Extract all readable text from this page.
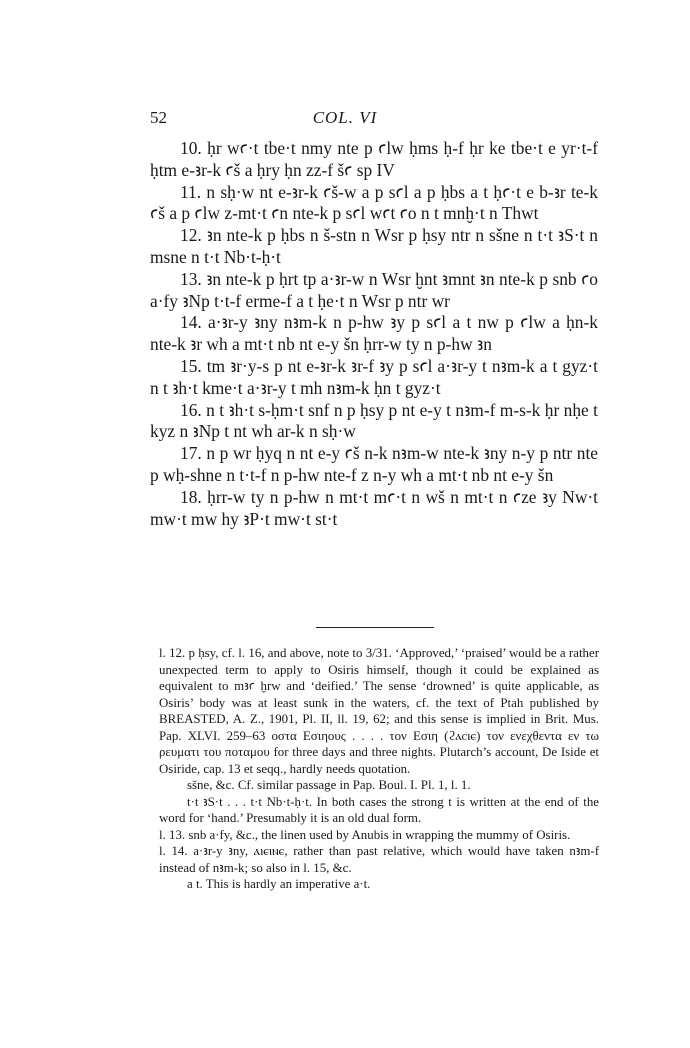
52	COL. VI

10. ḥr wꜥ·t tbe·t nmy nte p ꜥlw ḥms ḥ-f ḥr ke tbe·t e yr·t-f ḥtm e-ꜣr-k ꜥš a ḥry ḥn zz-f šꜥ sp IV

11. n sḥ·w nt e-ꜣr-k ꜥš-w a p sꜥl a p ḥbs a t ḥꜥ·t e b-ꜣr te-k ꜥš a p ꜥlw z-mt·t ꜥn nte-k p sꜥl wꜥt ꜥo n t mnḫ·t n Thwt

12. ꜣn nte-k p ḥbs n š-stn n Wsr p ḥsy ntr n sšne n t·t ꜣS·t n msne n t·t Nb·t-ḥ·t

13. ꜣn nte-k p ḥrt tp a·ꜣr-w n Wsr ḫnt ꜣmnt ꜣn nte-k p snb ꜥo a·fy ꜣNp t·t-f erme-f a t ḥe·t n Wsr p ntr wr

14. a·ꜣr-y ꜣny nꜣm-k n p-hw ꜣy p sꜥl a t nw p ꜥlw a ḥn-k nte-k ꜣr wh a mt·t nb nt e-y šn ḥrr-w ty n p-hw ꜣn

15. tm ꜣr·y-s p nt e-ꜣr-k ꜣr-f ꜣy p sꜥl a·ꜣr-y t nꜣm-k a t gyz·t n t ꜣh·t kme·t a·ꜣr-y t mh nꜣm-k ḥn t gyz·t

16. n t ꜣh·t s-ḥm·t snf n p ḥsy p nt e-y t nꜣm-f m-s-k ḥr nḥe t kyz n ꜣNp t nt wh ar-k n sḥ·w

17. n p wr ḥyq n nt e-y ꜥš n-k nꜣm-w nte-k ꜣny n-y p ntr nte p wḥ-shne n t·t-f n p-hw nte-f z n-y wh a mt·t nb nt e-y šn

18. ḥrr-w ty n p-hw n mt·t mꜥ·t n wš n mt·t n ꜥze ꜣy Nw·t mw·t mw hy ꜣP·t mw·t st·t

l. 12. p ḥsy, cf. l. 16, and above, note to 3/31. ‘Approved,’ ‘praised’ would be a rather unexpected term to apply to Osiris himself, though it could be explained as equivalent to mꜣꜥ ḫrw and ‘deified.’ The sense ‘drowned’ is quite applicable, as Osiris’ body was at least sunk in the waters, cf. the text of Ptah published by BREASTED, A. Z., 1901, Pl. II, ll. 19, 62; and this sense is implied in Brit. Mus. Pap. XLVI. 259–63 οστα Εσιηους . . . . τον Εσιη (ϩⲁⲥⲓⲉ) τον ενεχθεντα εν τω ρευματι του ποταμου for three days and three nights. Plutarch’s account, De Iside et Osiride, cap. 13 et seqq., hardly needs quotation.

sšne, &c. Cf. similar passage in Pap. Boul. I. Pl. 1, l. 1.

t·t ꜣS·t . . . t·t Nb·t-ḥ·t. In both cases the strong t is written at the end of the word for ‘hand.’ Presumably it is an old dual form.

l. 13. snb a·fy, &c., the linen used by Anubis in wrapping the mummy of Osiris.

l. 14. a·ꜣr-y ꜣny, ⲁⲓⲉⲓⲛⲉ, rather than past relative, which would have taken nꜣm-f instead of nꜣm-k; so also in l. 15, &c.

a t. This is hardly an imperative a·t.
